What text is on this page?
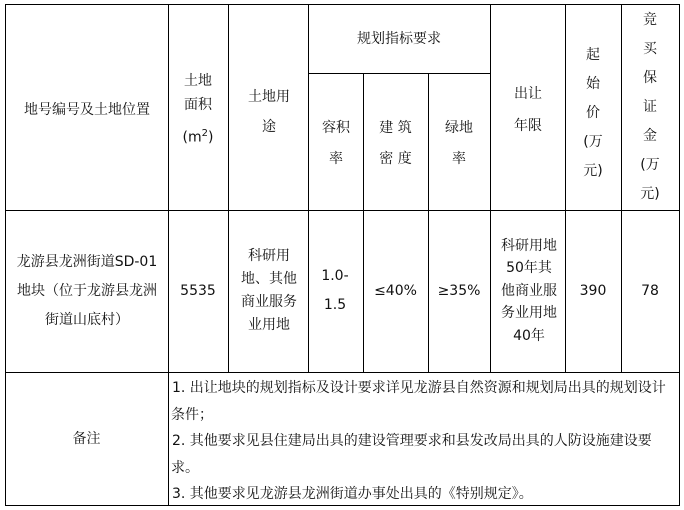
地号编号及土地位置
土地
面积
$(m^2)$
土地用途
规划指标要求
容积率
建 筑
密 度
绿地
率
出让年限
起
始
价
(万
元)
竞
买
保
证
金
(万
元)
龙游县龙洲街道SD-01地块（位于龙游县龙洲街道山底村）
5535
科研用地、其他商业服务业用地
1.0-1.5
≤40% ≥35%
科研用地50年其他商业服务业用地40年
390 78
备注

1. 出让地块的规划指标及设计要求详见龙游县自然资源和规划局出具的规划设计条件；

2. 其他要求见县住建局出具的建设管理要求和县发改局出具的人防设施建设要求。

3. 其他要求见龙游县龙洲街道办事处出具的《特别规定》。
